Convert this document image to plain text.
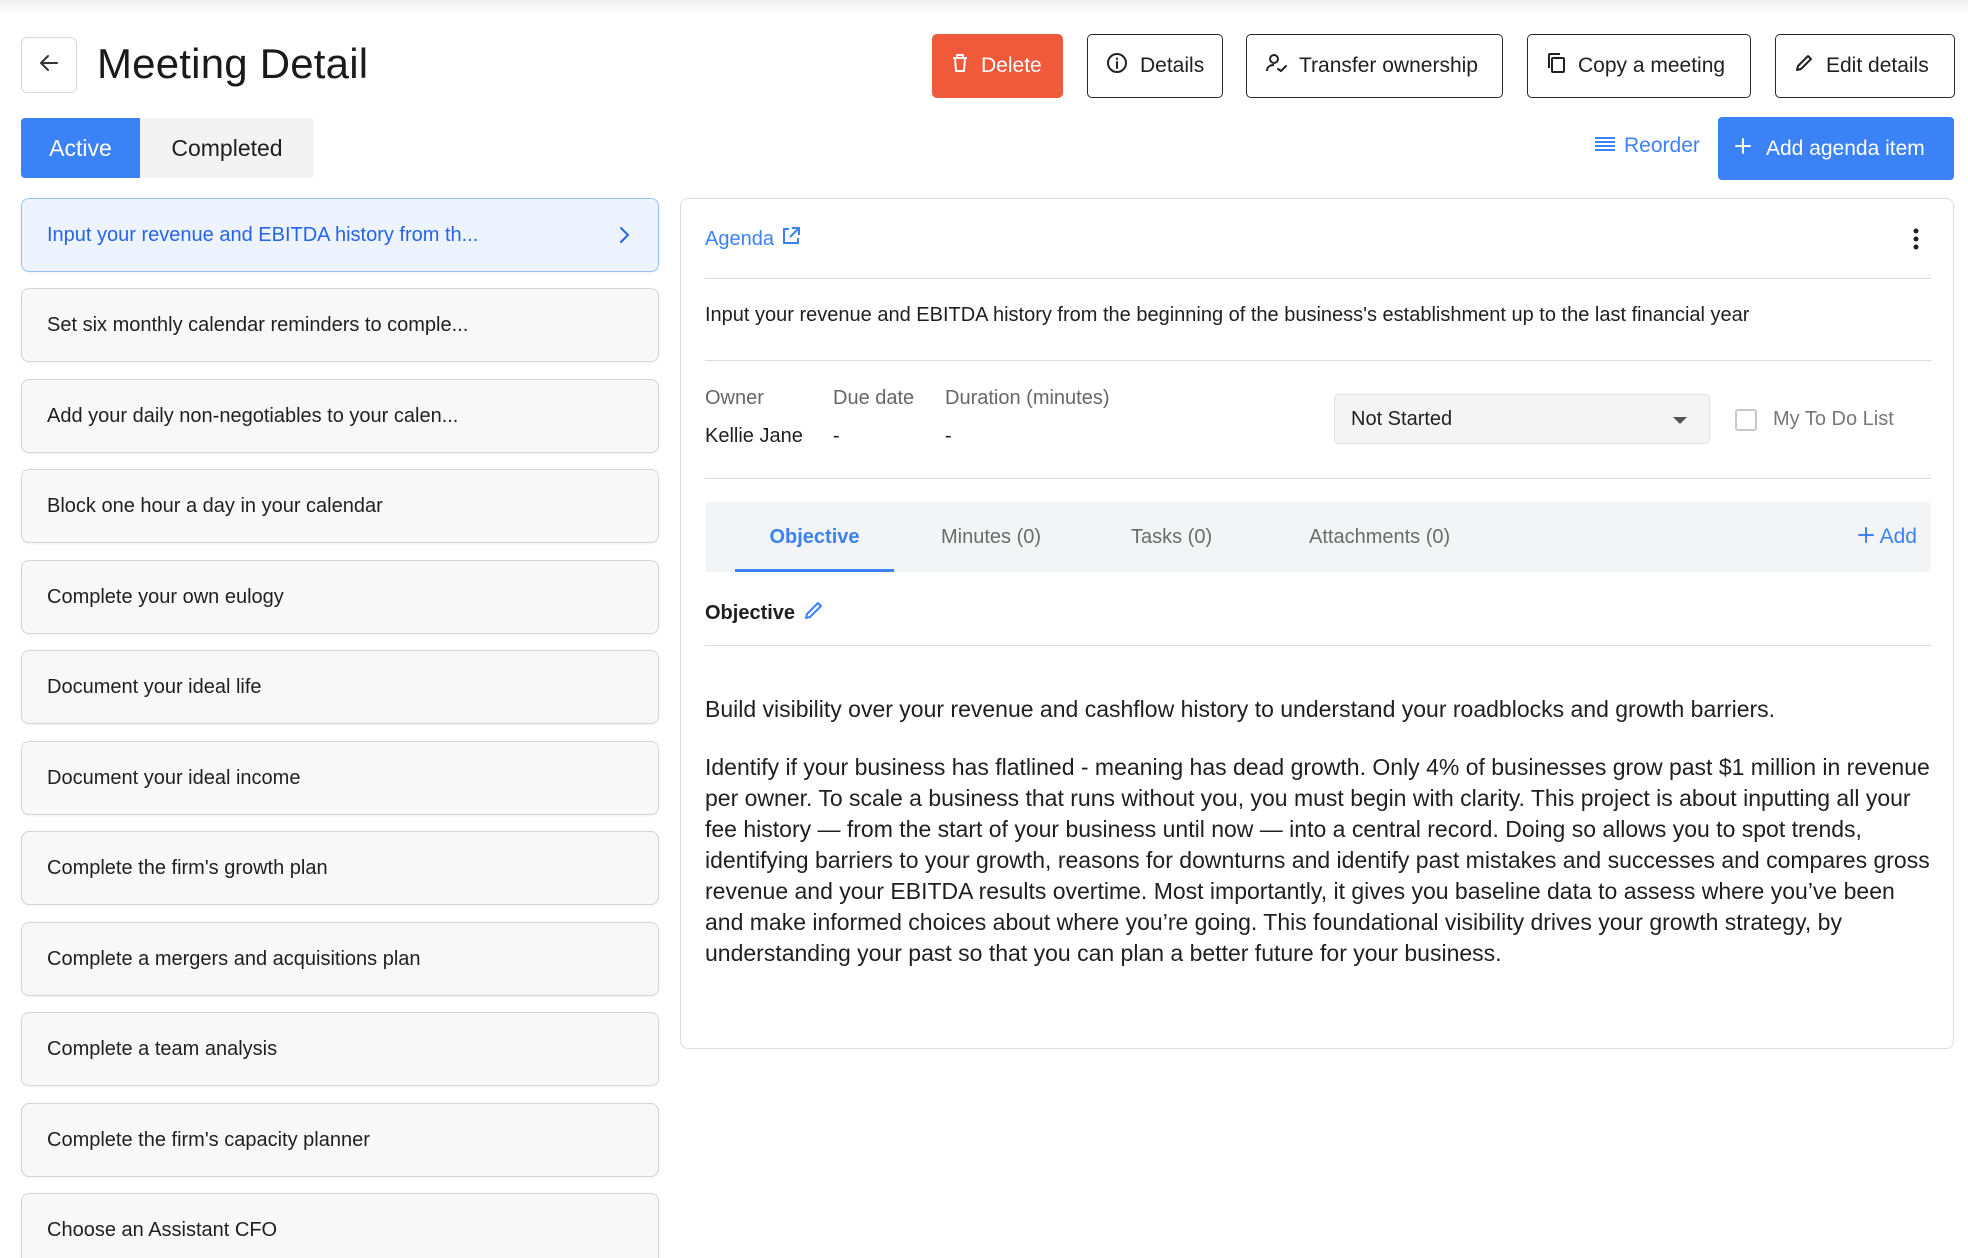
Meeting Detail	Delete	Details	Transfer ownership	Copy a meeting	Edit details
Active	Completed	Reorder	Add agenda item
Input your revenue and EBITDA history from th...
Set six monthly calendar reminders to comple...
Add your daily non-negotiables to your calen...
Block one hour a day in your calendar
Complete your own eulogy
Document your ideal life
Document your ideal income
Complete the firm's growth plan
Complete a mergers and acquisitions plan
Complete a team analysis
Complete the firm's capacity planner
Choose an Assistant CFO
Agenda
Input your revenue and EBITDA history from the beginning of the business's establishment up to the last financial year
Owner
Kellie Jane
Due date
-
Duration (minutes)
-
Not Started	My To Do List
Objective	Minutes (0)	Tasks (0)	Attachments (0)	Add
Objective

Build visibility over your revenue and cashflow history to understand your roadblocks and growth barriers.

Identify if your business has flatlined - meaning has dead growth. Only 4% of businesses grow past $1 million in revenue per owner. To scale a business that runs without you, you must begin with clarity. This project is about inputting all your fee history — from the start of your business until now — into a central record. Doing so allows you to spot trends, identifying barriers to your growth, reasons for downturns and identify past mistakes and successes and compares gross revenue and your EBITDA results overtime. Most importantly, it gives you baseline data to assess where you’ve been and make informed choices about where you’re going. This foundational visibility drives your growth strategy, by understanding your past so that you can plan a better future for your business.
